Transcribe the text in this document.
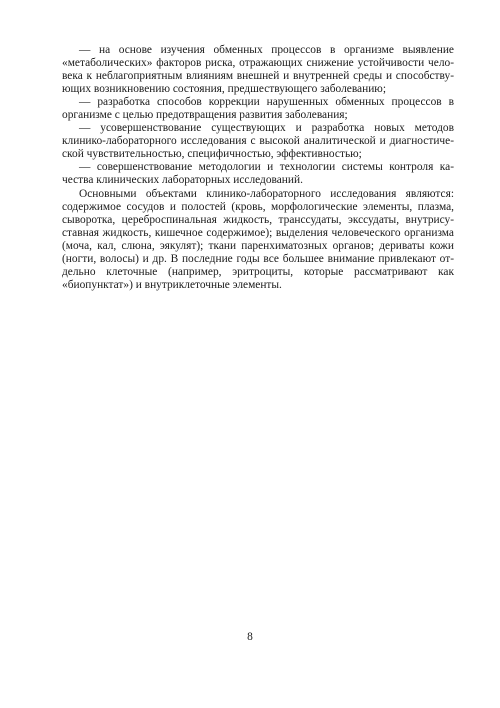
— на основе изучения обменных процессов в организме выявление
«метаболических» факторов риска, отражающих снижение устойчивости чело-
века к неблагоприятным влияниям внешней и внутренней среды и способству-
ющих возникновению состояния, предшествующего заболеванию;
— разработка способов коррекции нарушенных обменных процессов в
организме с целью предотвращения развития заболевания;
— усовершенствование существующих и разработка новых методов
клинико-лабораторного исследования с высокой аналитической и диагностиче-
ской чувствительностью, специфичностью, эффективностью;
— совершенствование методологии и технологии системы контроля ка-
чества клинических лабораторных исследований.
Основными объектами клинико-лабораторного исследования являются:
содержимое сосудов и полостей (кровь, морфологические элементы, плазма,
сыворотка, цереброспинальная жидкость, транссудаты, экссудаты, внутрису-
ставная жидкость, кишечное содержимое); выделения человеческого организма
(моча, кал, слюна, эякулят); ткани паренхиматозных органов; дериваты кожи
(ногти, волосы) и др. В последние годы все большее внимание привлекают от-
дельно клеточные (например, эритроциты, которые рассматривают как
«биопунктат») и внутриклеточные элементы.
8
